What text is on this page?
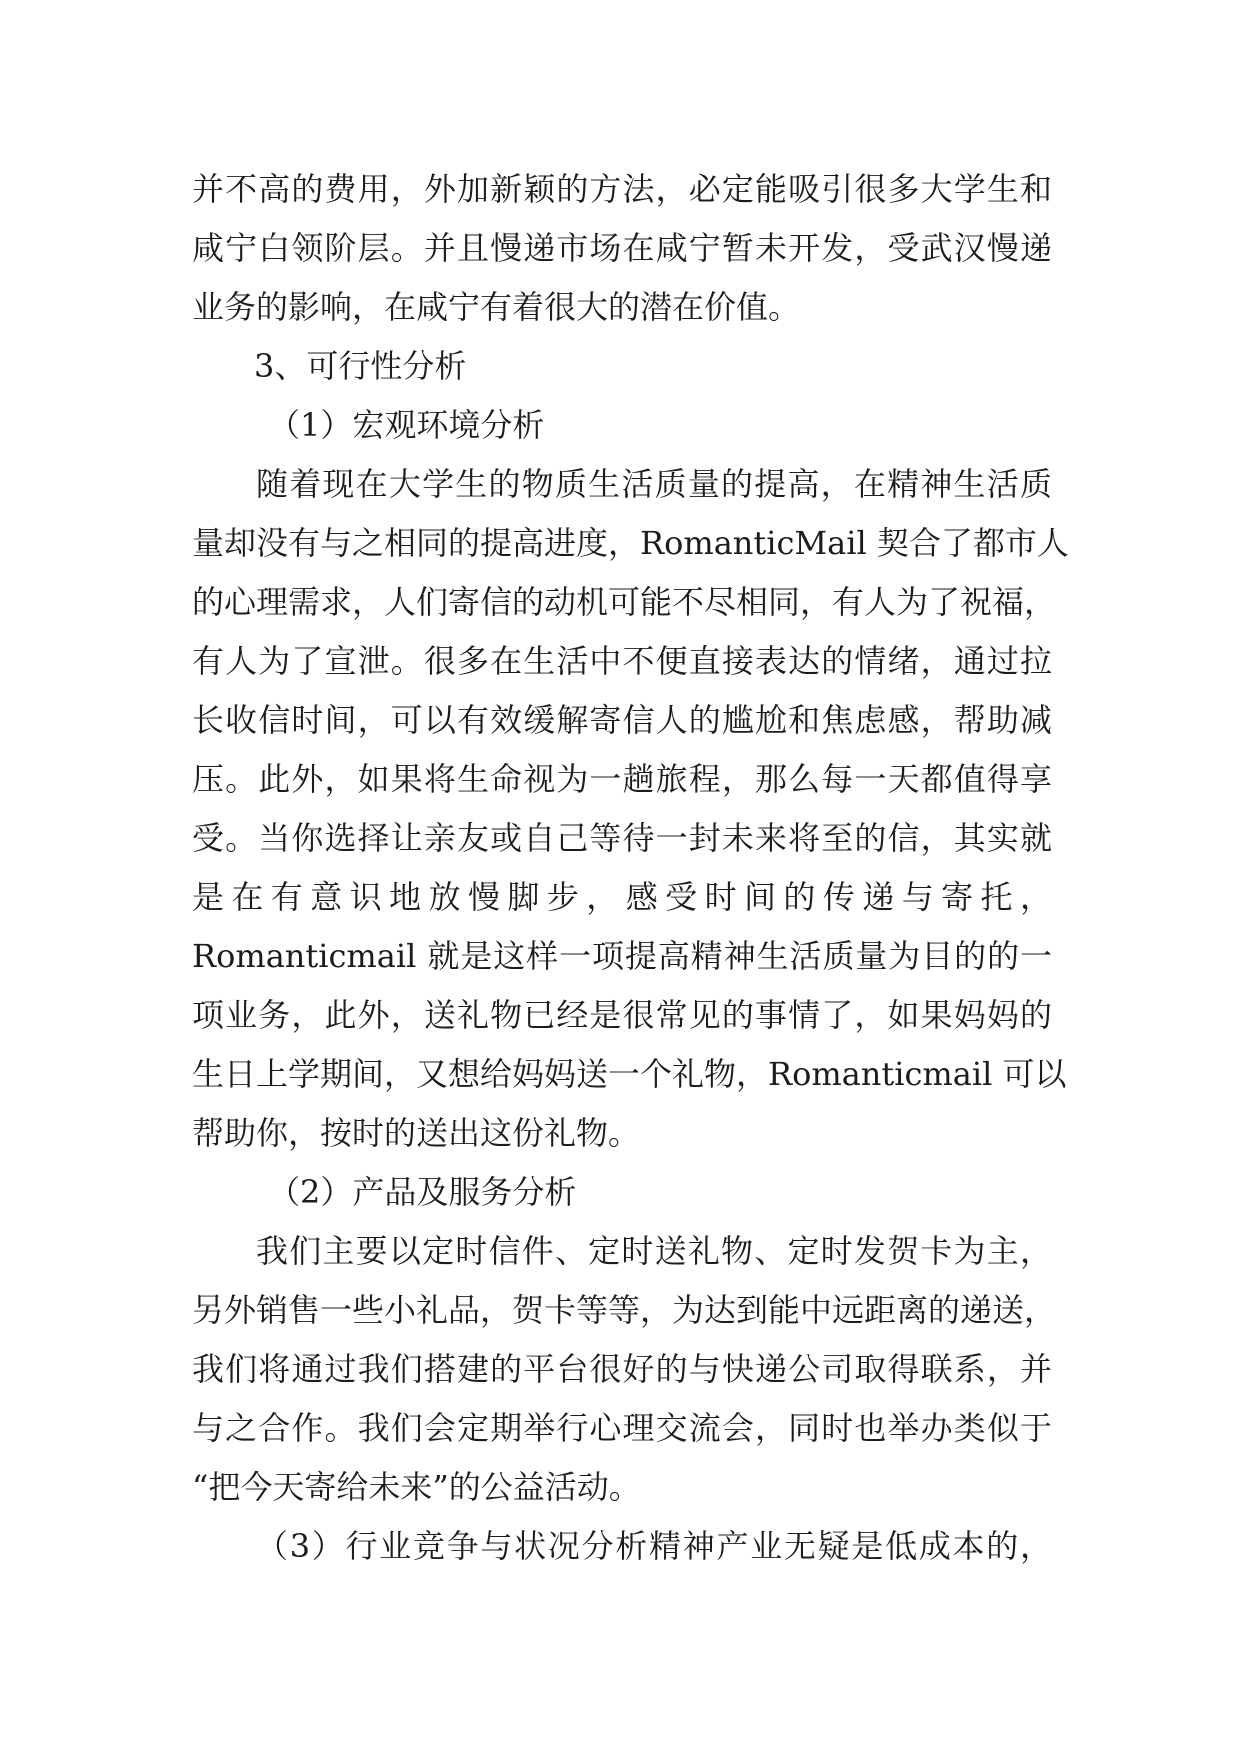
并不高的费用，外加新颖的方法，必定能吸引很多大学生和
咸宁白领阶层。并且慢递市场在咸宁暂未开发，受武汉慢递
业务的影响，在咸宁有着很大的潜在价值。
3、可行性分析
（1）宏观环境分析
随着现在大学生的物质生活质量的提高，在精神生活质
量却没有与之相同的提高进度，RomanticMail 契合了都市人
的心理需求，人们寄信的动机可能不尽相同，有人为了祝福，
有人为了宣泄。很多在生活中不便直接表达的情绪，通过拉
长收信时间，可以有效缓解寄信人的尴尬和焦虑感，帮助减
压。此外，如果将生命视为一趟旅程，那么每一天都值得享
受。当你选择让亲友或自己等待一封未来将至的信，其实就
是在有意识地放慢脚步，感受时间的传递与寄托，
Romanticmail 就是这样一项提高精神生活质量为目的的一
项业务，此外，送礼物已经是很常见的事情了，如果妈妈的
生日上学期间，又想给妈妈送一个礼物，Romanticmail 可以
帮助你，按时的送出这份礼物。
（2）产品及服务分析
我们主要以定时信件、定时送礼物、定时发贺卡为主，
另外销售一些小礼品，贺卡等等，为达到能中远距离的递送，
我们将通过我们搭建的平台很好的与快递公司取得联系，并
与之合作。我们会定期举行心理交流会，同时也举办类似于
“把今天寄给未来”的公益活动。
（3）行业竞争与状况分析精神产业无疑是低成本的，
